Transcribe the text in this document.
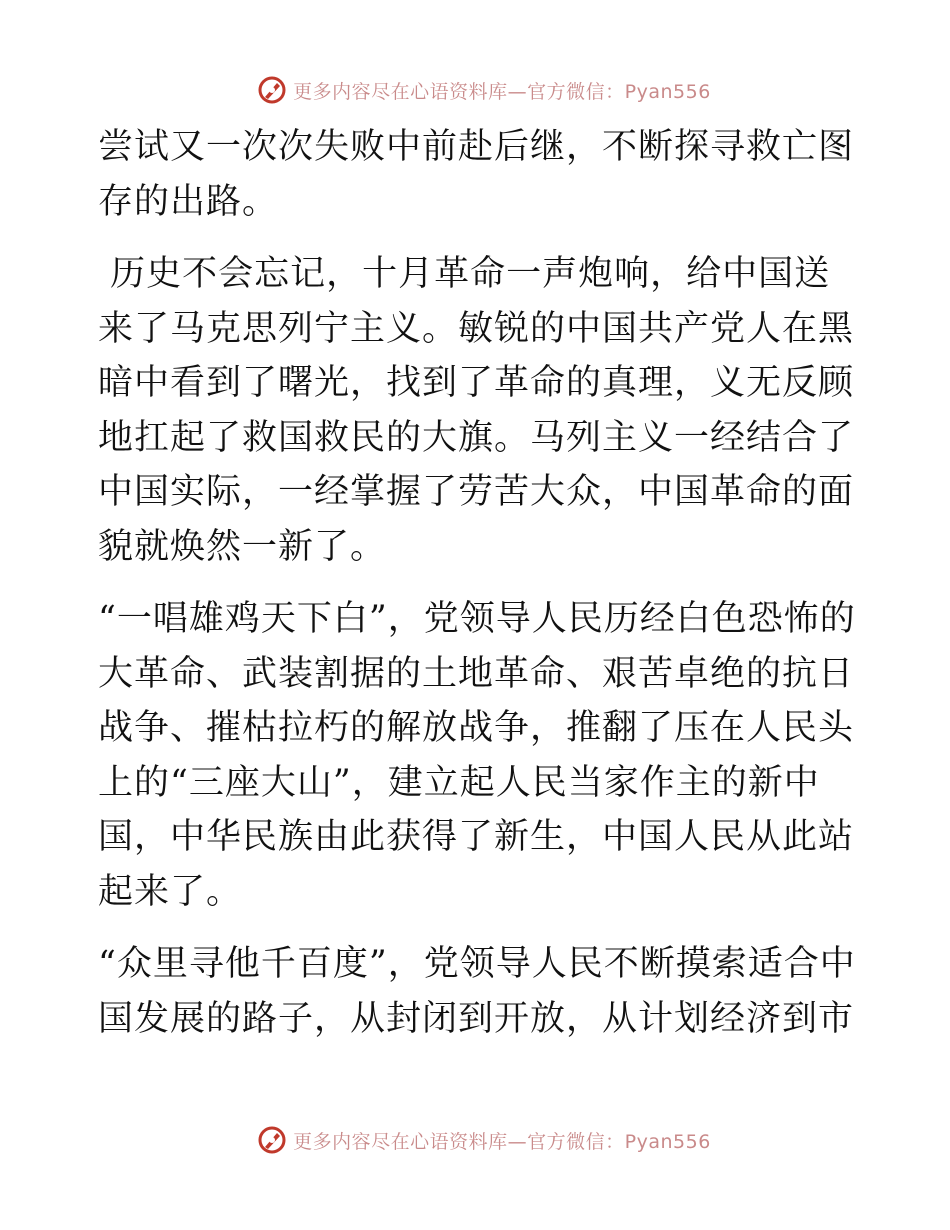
更多内容尽在心语资料库—官方微信：Pyan556

尝试又一次次失败中前赴后继，不断探寻救亡图存的出路。

历史不会忘记，十月革命一声炮响，给中国送来了马克思列宁主义。敏锐的中国共产党人在黑暗中看到了曙光，找到了革命的真理，义无反顾地扛起了救国救民的大旗。马列主义一经结合了中国实际，一经掌握了劳苦大众，中国革命的面貌就焕然一新了。

“一唱雄鸡天下白”，党领导人民历经白色恐怖的大革命、武装割据的土地革命、艰苦卓绝的抗日战争、摧枯拉朽的解放战争，推翻了压在人民头上的“三座大山”，建立起人民当家作主的新中国，中华民族由此获得了新生，中国人民从此站起来了。

“众里寻他千百度”，党领导人民不断摸索适合中国发展的路子，从封闭到开放，从计划经济到市

更多内容尽在心语资料库—官方微信：Pyan556
